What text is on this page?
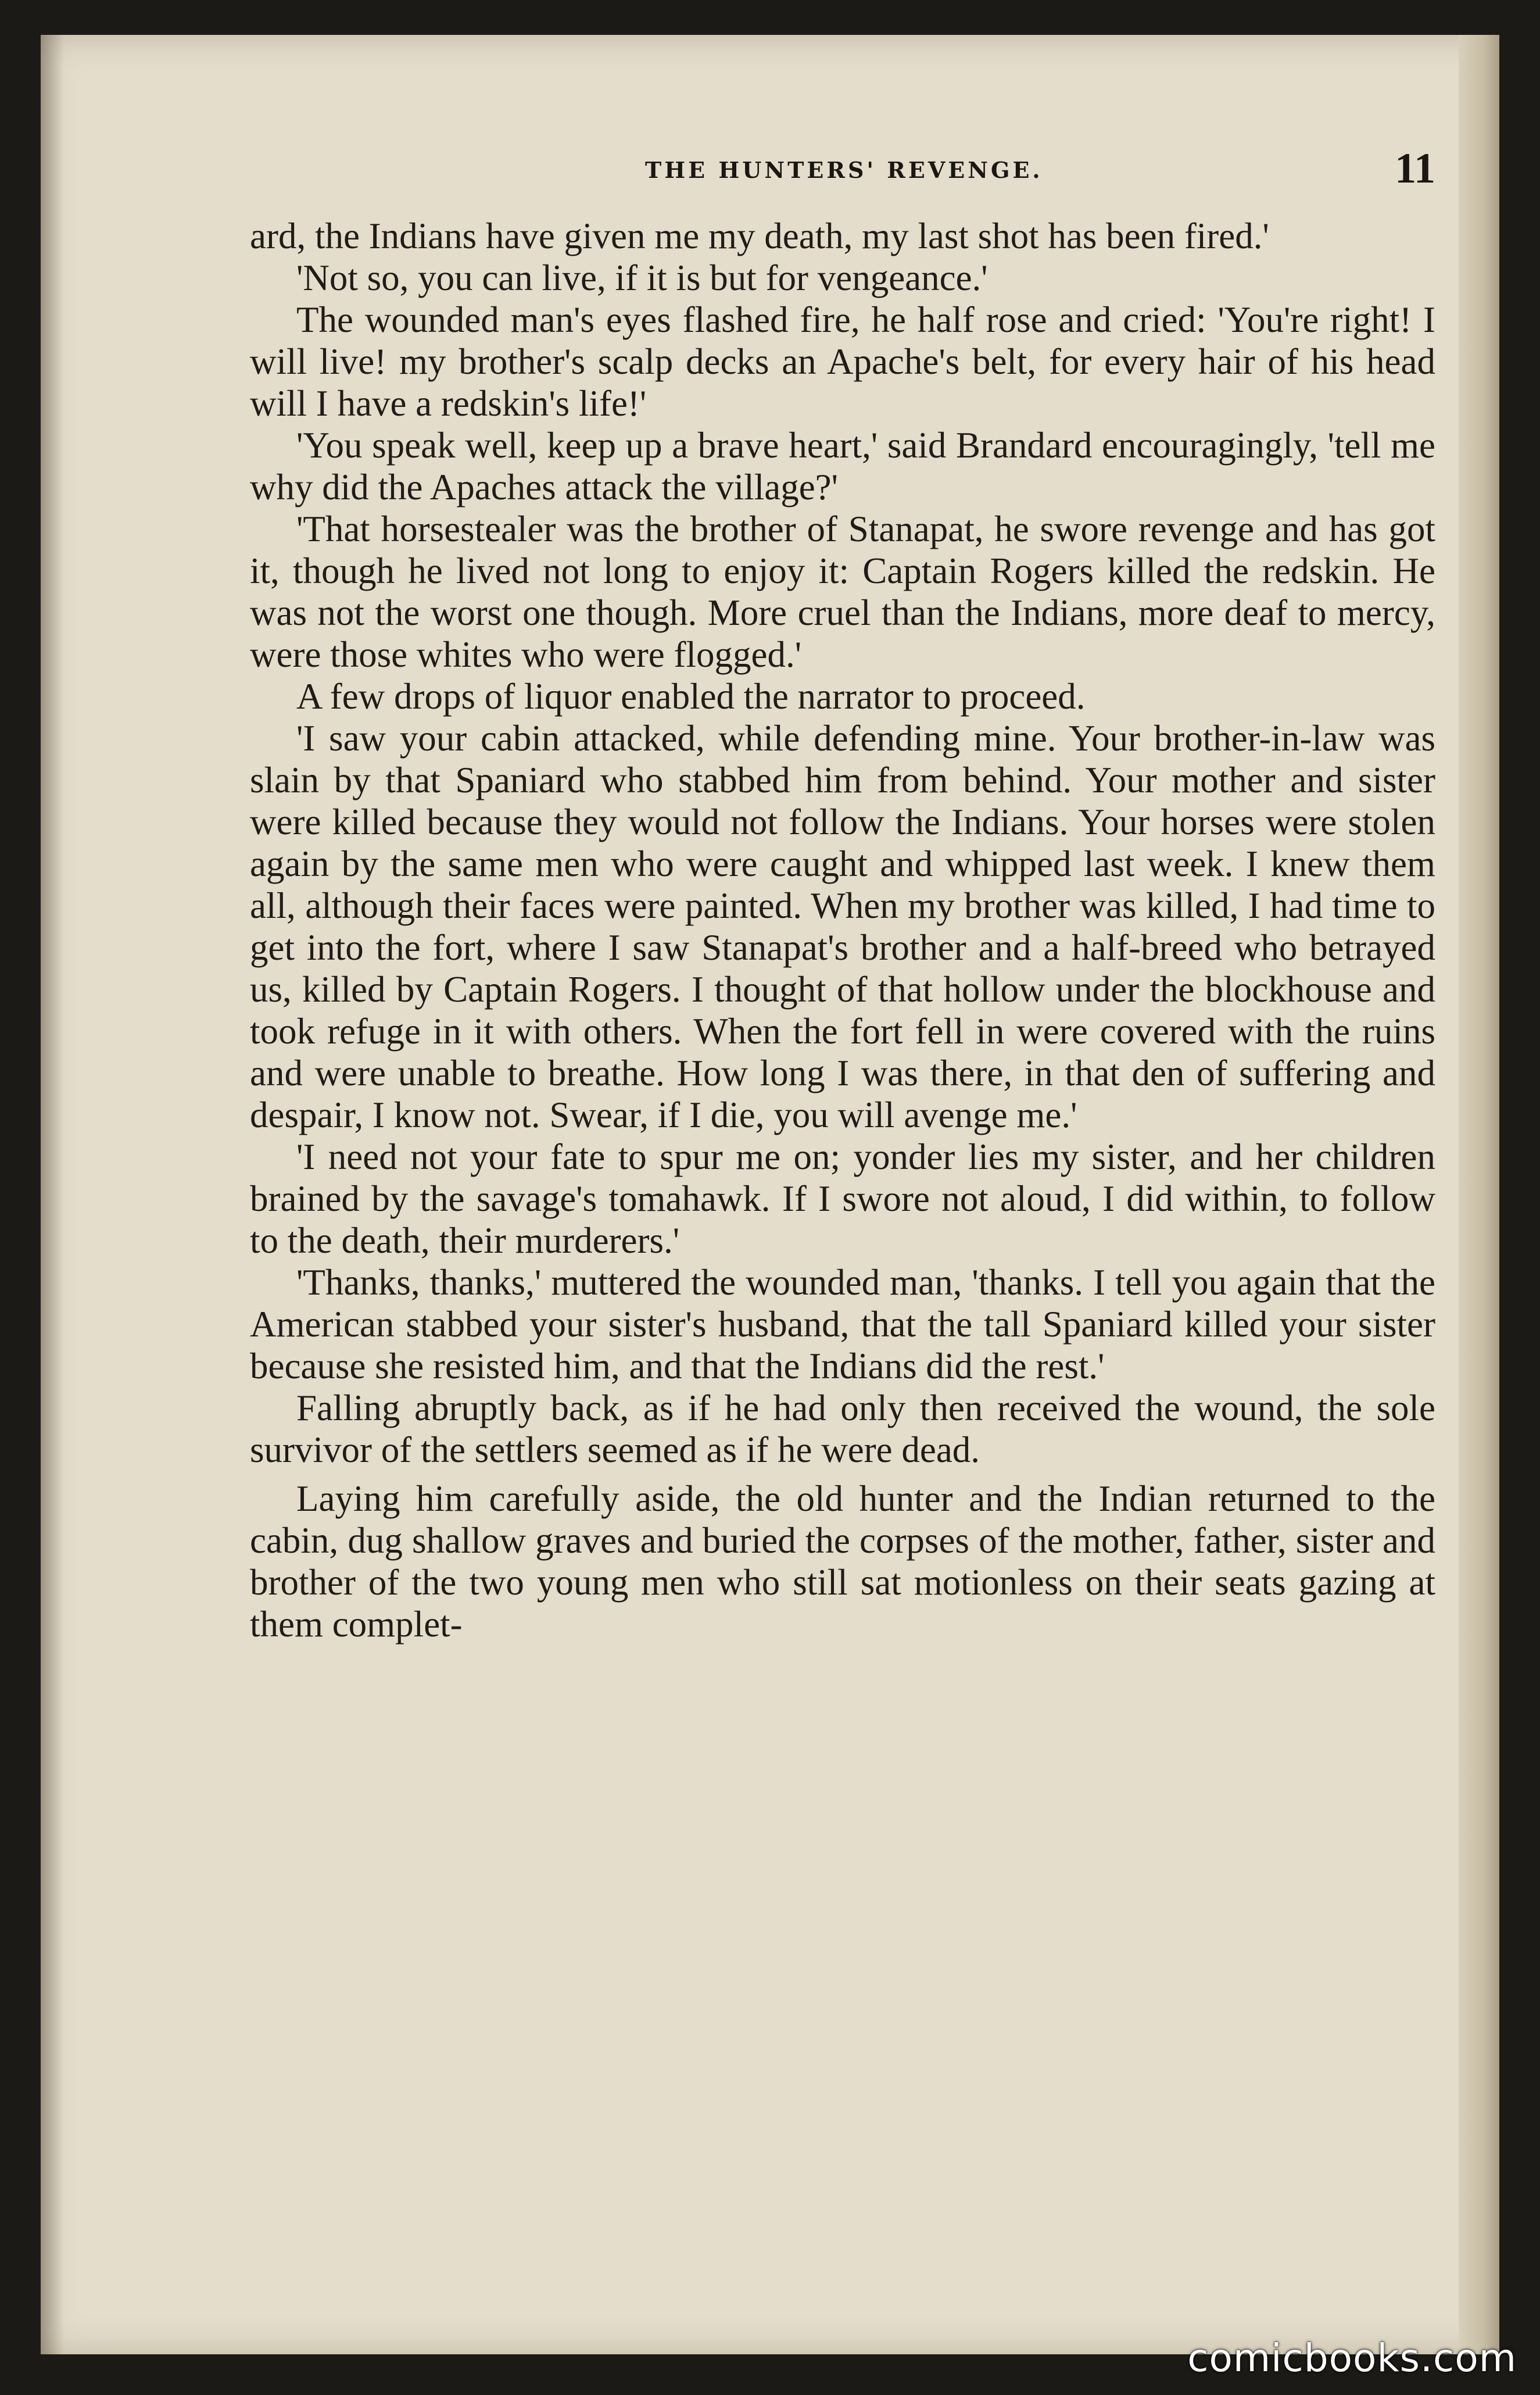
THE HUNTERS' REVENGE.	11

ard, the Indians have given me my death, my last shot has been fired.'

'Not so, you can live, if it is but for vengeance.'

The wounded man's eyes flashed fire, he half rose and cried: 'You're right! I will live! my brother's scalp decks an Apache's belt, for every hair of his head will I have a redskin's life!'

'You speak well, keep up a brave heart,' said Brandard encouragingly, 'tell me why did the Apaches attack the village?'

'That horsestealer was the brother of Stanapat, he swore revenge and has got it, though he lived not long to enjoy it: Captain Rogers killed the redskin. He was not the worst one though. More cruel than the Indians, more deaf to mercy, were those whites who were flogged.'

A few drops of liquor enabled the narrator to proceed.

'I saw your cabin attacked, while defending mine. Your brother-in-law was slain by that Spaniard who stabbed him from behind. Your mother and sister were killed because they would not follow the Indians. Your horses were stolen again by the same men who were caught and whipped last week. I knew them all, although their faces were painted. When my brother was killed, I had time to get into the fort, where I saw Stanapat's brother and a half-breed who betrayed us, killed by Captain Rogers. I thought of that hollow under the blockhouse and took refuge in it with others. When the fort fell in were covered with the ruins and were unable to breathe. How long I was there, in that den of suffering and despair, I know not. Swear, if I die, you will avenge me.'

'I need not your fate to spur me on; yonder lies my sister, and her children brained by the savage's tomahawk. If I swore not aloud, I did within, to follow to the death, their murderers.'

'Thanks, thanks,' muttered the wounded man, 'thanks. I tell you again that the American stabbed your sister's husband, that the tall Spaniard killed your sister because she resisted him, and that the Indians did the rest.'

Falling abruptly back, as if he had only then received the wound, the sole survivor of the settlers seemed as if he were dead.

Laying him carefully aside, the old hunter and the Indian returned to the cabin, dug shallow graves and buried the corpses of the mother, father, sister and brother of the two young men who still sat motionless on their seats gazing at them complet-

comicbooks.com
